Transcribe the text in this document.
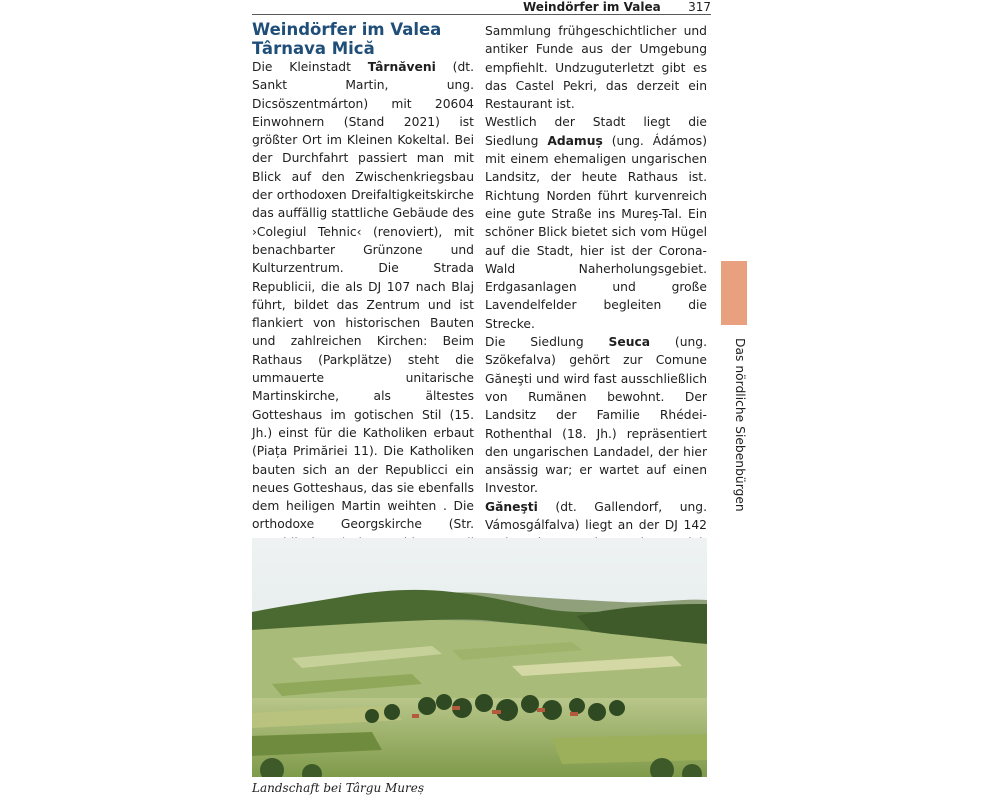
Weindörfer im Valea 317
Weindörfer im Valea
Târnava Mică

Die Kleinstadt Târnăveni (dt. Sankt Martin, ung. Dicsöszentmárton) mit 20604 Einwohnern (Stand 2021) ist größter Ort im Kleinen Kokeltal. Bei der Durchfahrt passiert man mit Blick auf den Zwischenkriegsbau der orthodoxen Dreifaltigkeitskirche das auffällig stattliche Gebäude des ›Colegiul Tehnic‹ (renoviert), mit benachbarter Grünzone und Kulturzentrum. Die Strada Republicii, die als DJ 107 nach Blaj führt, bildet das Zentrum und ist flankiert von historischen Bauten und zahlreichen Kirchen: Beim Rathaus (Parkplätze) steht die ummauerte unitarische Martinskirche, als ältestes Gotteshaus im gotischen Stil (15. Jh.) einst für die Katholiken erbaut (Piața Primăriei 11). Die Katholiken bauten sich an der Republicci ein neues Gotteshaus, das sie ebenfalls dem heiligen Martin weihten . Die orthodoxe Georgskirche (Str.

Sammlung frühgeschichtlicher und antiker Funde aus der Umgebung empfiehlt. Undzuguterletzt gibt es das Castel Pekri, das derzeit ein Restaurant ist.

Westlich der Stadt liegt die Siedlung Adamuș (ung. Ádámos) mit einem ehemaligen ungarischen Landsitz, der heute Rathaus ist. Richtung Norden führt kurvenreich eine gute Straße ins Mureș-Tal. Ein schöner Blick bietet sich vom Hügel auf die Stadt, hier ist der Corona-Wald Naherholungsgebiet. Erdgasanlagen und große Lavendelfelder begleiten die Strecke.

Die Siedlung Seuca (ung. Szökefalva) gehört zur Comune Găneşti und wird fast ausschließlich von Rumänen bewohnt. Der Landsitz der Familie Rhédei-Rothenthal (18. Jh.) repräsentiert den ungarischen Landadel, der hier ansässig war; er wartet auf einen Investor.

Găneşti (dt. Gallendorf, ung. Vámosgálfalva) liegt an der DJ 142

Das nördliche Siebenbürgen
Landschaft bei Târgu Mureș
